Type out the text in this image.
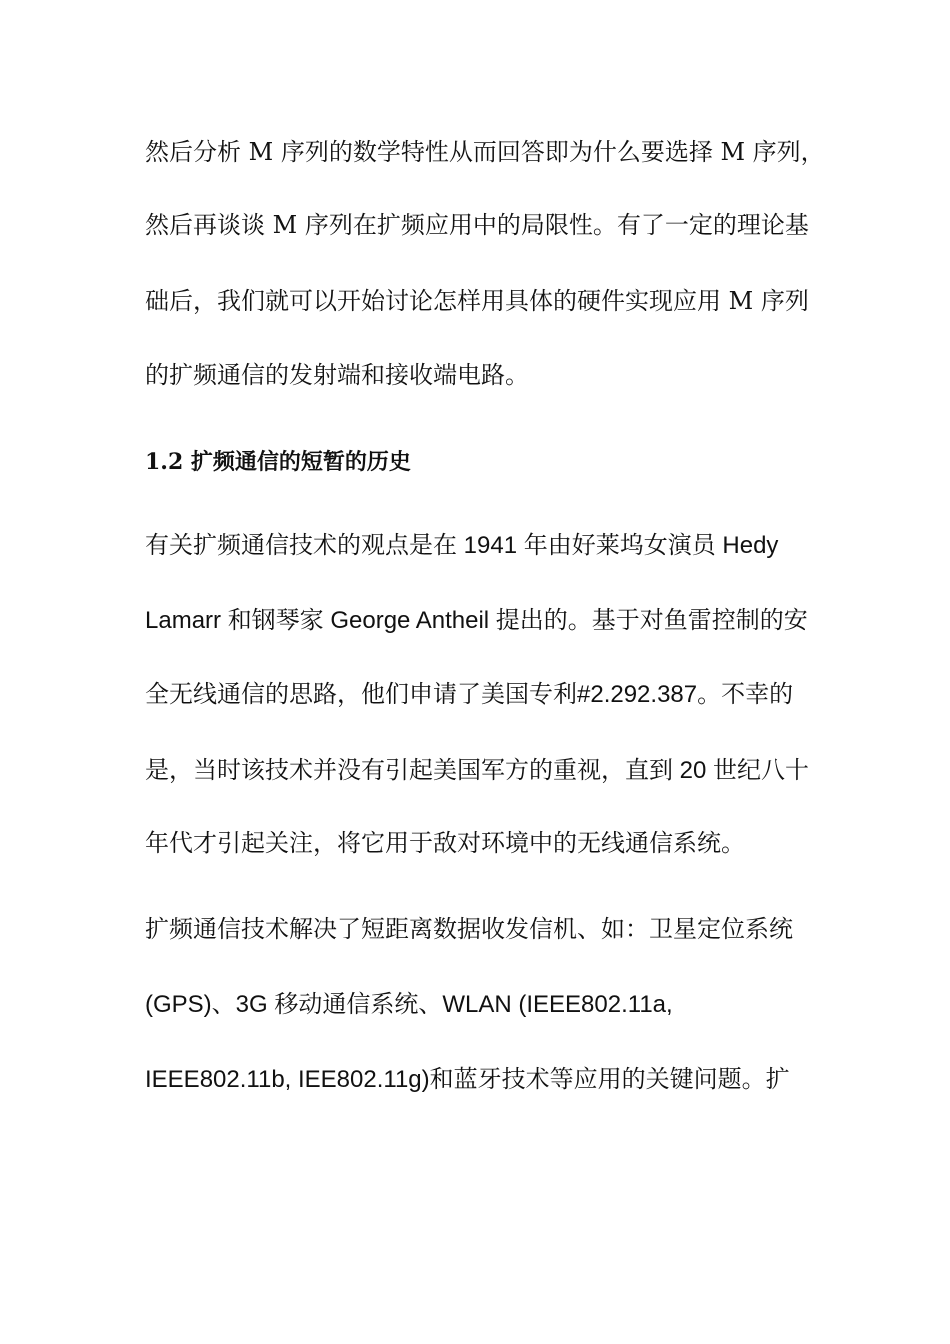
然后分析 M 序列的数学特性从而回答即为什么要选择 M 序列，
然后再谈谈 M 序列在扩频应用中的局限性。有了一定的理论基
础后，我们就可以开始讨论怎样用具体的硬件实现应用 M 序列
的扩频通信的发射端和接收端电路。
1.2 扩频通信的短暂的历史
有关扩频通信技术的观点是在 1941 年由好莱坞女演员 Hedy
Lamarr 和钢琴家 George Antheil 提出的。基于对鱼雷控制的安
全无线通信的思路，他们申请了美国专利#2.292.387。不幸的
是，当时该技术并没有引起美国军方的重视，直到 20 世纪八十
年代才引起关注，将它用于敌对环境中的无线通信系统。
扩频通信技术解决了短距离数据收发信机、如：卫星定位系统
(GPS)、3G 移动通信系统、WLAN (IEEE802.11a,
IEEE802.11b, IEE802.11g)和蓝牙技术等应用的关键问题。扩
